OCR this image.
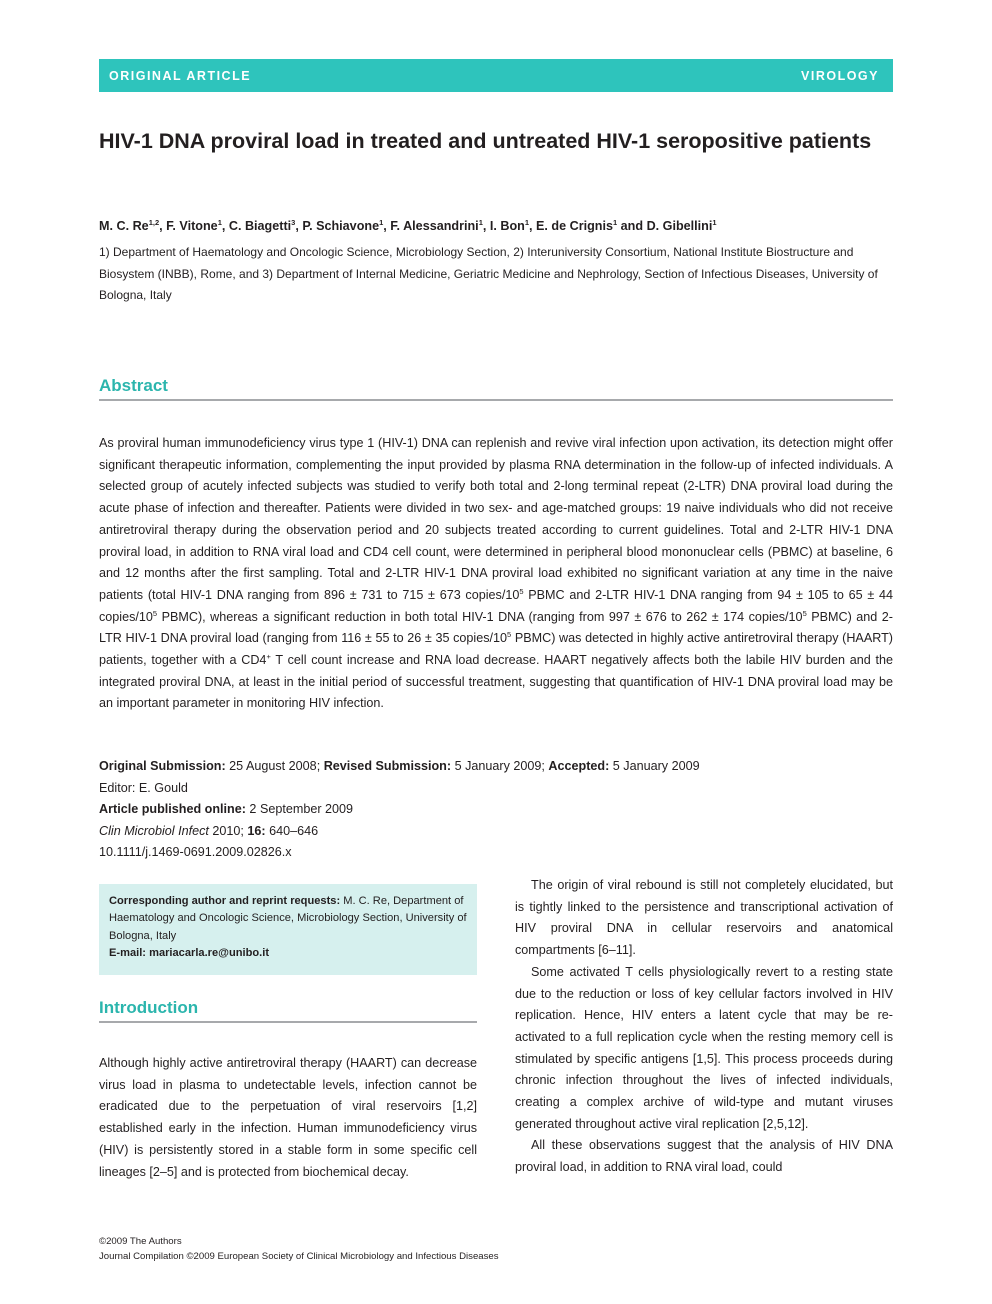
ORIGINAL ARTICLE	VIROLOGY
HIV-1 DNA proviral load in treated and untreated HIV-1 seropositive patients
M. C. Re$^{1,2}$, F. Vitone$^1$, C. Biagetti$^3$, P. Schiavone$^1$, F. Alessandrini$^1$, I. Bon$^1$, E. de Crignis$^1$ and D. Gibellini$^1$
1) Department of Haematology and Oncologic Science, Microbiology Section, 2) Interuniversity Consortium, National Institute Biostructure and Biosystem (INBB), Rome, and 3) Department of Internal Medicine, Geriatric Medicine and Nephrology, Section of Infectious Diseases, University of Bologna, Italy
Abstract

As proviral human immunodeficiency virus type 1 (HIV-1) DNA can replenish and revive viral infection upon activation, its detection might offer significant therapeutic information, complementing the input provided by plasma RNA determination in the follow-up of infected individuals. A selected group of acutely infected subjects was studied to verify both total and 2-long terminal repeat (2-LTR) DNA proviral load during the acute phase of infection and thereafter. Patients were divided in two sex- and age-matched groups: 19 naive individuals who did not receive antiretroviral therapy during the observation period and 20 subjects treated according to current guidelines. Total and 2-LTR HIV-1 DNA proviral load, in addition to RNA viral load and CD4 cell count, were determined in peripheral blood mononuclear cells (PBMC) at baseline, 6 and 12 months after the first sampling. Total and 2-LTR HIV-1 DNA proviral load exhibited no significant variation at any time in the naive patients (total HIV-1 DNA ranging from 896 ± 731 to 715 ± 673 copies/$10^5$ PBMC and 2-LTR HIV-1 DNA ranging from 94 ± 105 to 65 ± 44 copies/$10^5$ PBMC), whereas a significant reduction in both total HIV-1 DNA (ranging from 997 ± 676 to 262 ± 174 copies/$10^5$ PBMC) and 2-LTR HIV-1 DNA proviral load (ranging from 116 ± 55 to 26 ± 35 copies/$10^5$ PBMC) was detected in highly active antiretroviral therapy (HAART) patients, together with a CD4+ T cell count increase and RNA load decrease. HAART negatively affects both the labile HIV burden and the integrated proviral DNA, at least in the initial period of successful treatment, suggesting that quantification of HIV-1 DNA proviral load may be an important parameter in monitoring HIV infection.

Original Submission: 25 August 2008; Revised Submission: 5 January 2009; Accepted: 5 January 2009
Editor: E. Gould
Article published online: 2 September 2009
Clin Microbiol Infect 2010; 16: 640–646
10.1111/j.1469-0691.2009.02826.x
Corresponding author and reprint requests: M. C. Re, Department of Haematology and Oncologic Science, Microbiology Section, University of Bologna, Italy
E-mail: mariacarla.re@unibo.it
Introduction

Although highly active antiretroviral therapy (HAART) can decrease virus load in plasma to undetectable levels, infection cannot be eradicated due to the perpetuation of viral reservoirs [1,2] established early in the infection. Human immunodeficiency virus (HIV) is persistently stored in a stable form in some specific cell lineages [2–5] and is protected from biochemical decay.

The origin of viral rebound is still not completely elucidated, but is tightly linked to the persistence and transcriptional activation of HIV proviral DNA in cellular reservoirs and anatomical compartments [6–11].

Some activated T cells physiologically revert to a resting state due to the reduction or loss of key cellular factors involved in HIV replication. Hence, HIV enters a latent cycle that may be re-activated to a full replication cycle when the resting memory cell is stimulated by specific antigens [1,5]. This process proceeds during chronic infection throughout the lives of infected individuals, creating a complex archive of wild-type and mutant viruses generated throughout active viral replication [2,5,12].

All these observations suggest that the analysis of HIV DNA proviral load, in addition to RNA viral load, could

©2009 The Authors
Journal Compilation ©2009 European Society of Clinical Microbiology and Infectious Diseases
